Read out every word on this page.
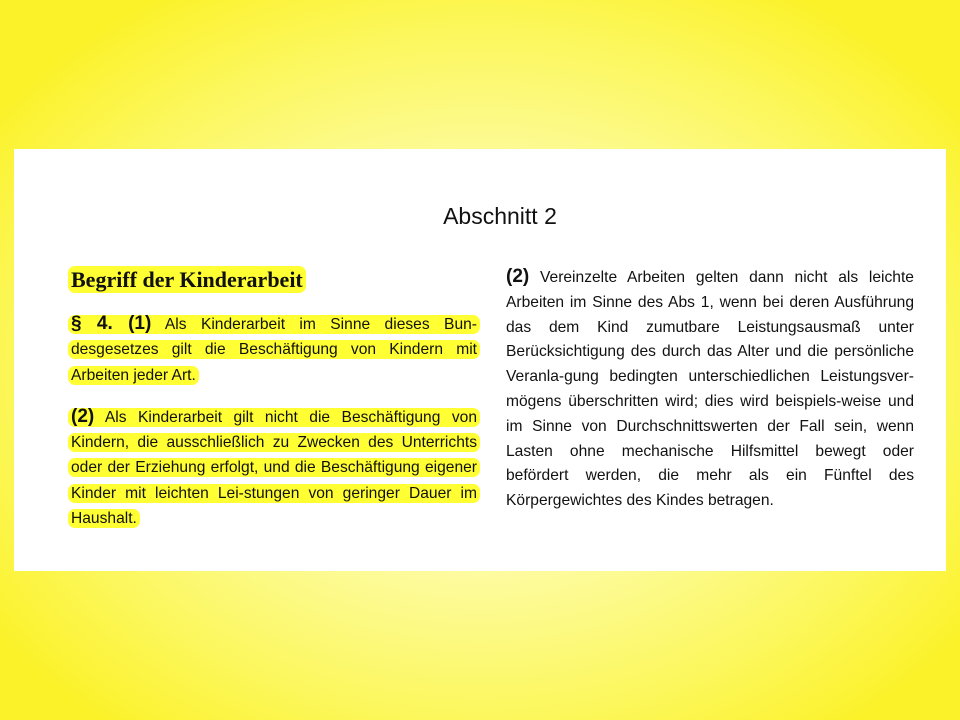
Abschnitt 2
Begriff der Kinderarbeit

§ 4. (1) Als Kinderarbeit im Sinne dieses Bun-desgesetzes gilt die Beschäftigung von Kindern mit Arbeiten jeder Art.

(2) Als Kinderarbeit gilt nicht die Beschäftigung von Kindern, die ausschließlich zu Zwecken des Unterrichts oder der Erziehung erfolgt, und die Beschäftigung eigener Kinder mit leichten Lei-stungen von geringer Dauer im Haushalt.

(2) Vereinzelte Arbeiten gelten dann nicht als leichte Arbeiten im Sinne des Abs 1, wenn bei deren Ausführung das dem Kind zumutbare Leistungsausmaß unter Berücksichtigung des durch das Alter und die persönliche Veranla-gung bedingten unterschiedlichen Leistungsver-mögens überschritten wird; dies wird beispiels-weise und im Sinne von Durchschnittswerten der Fall sein, wenn Lasten ohne mechanische Hilfsmittel bewegt oder befördert werden, die mehr als ein Fünftel des Körpergewichtes des Kindes betragen.
